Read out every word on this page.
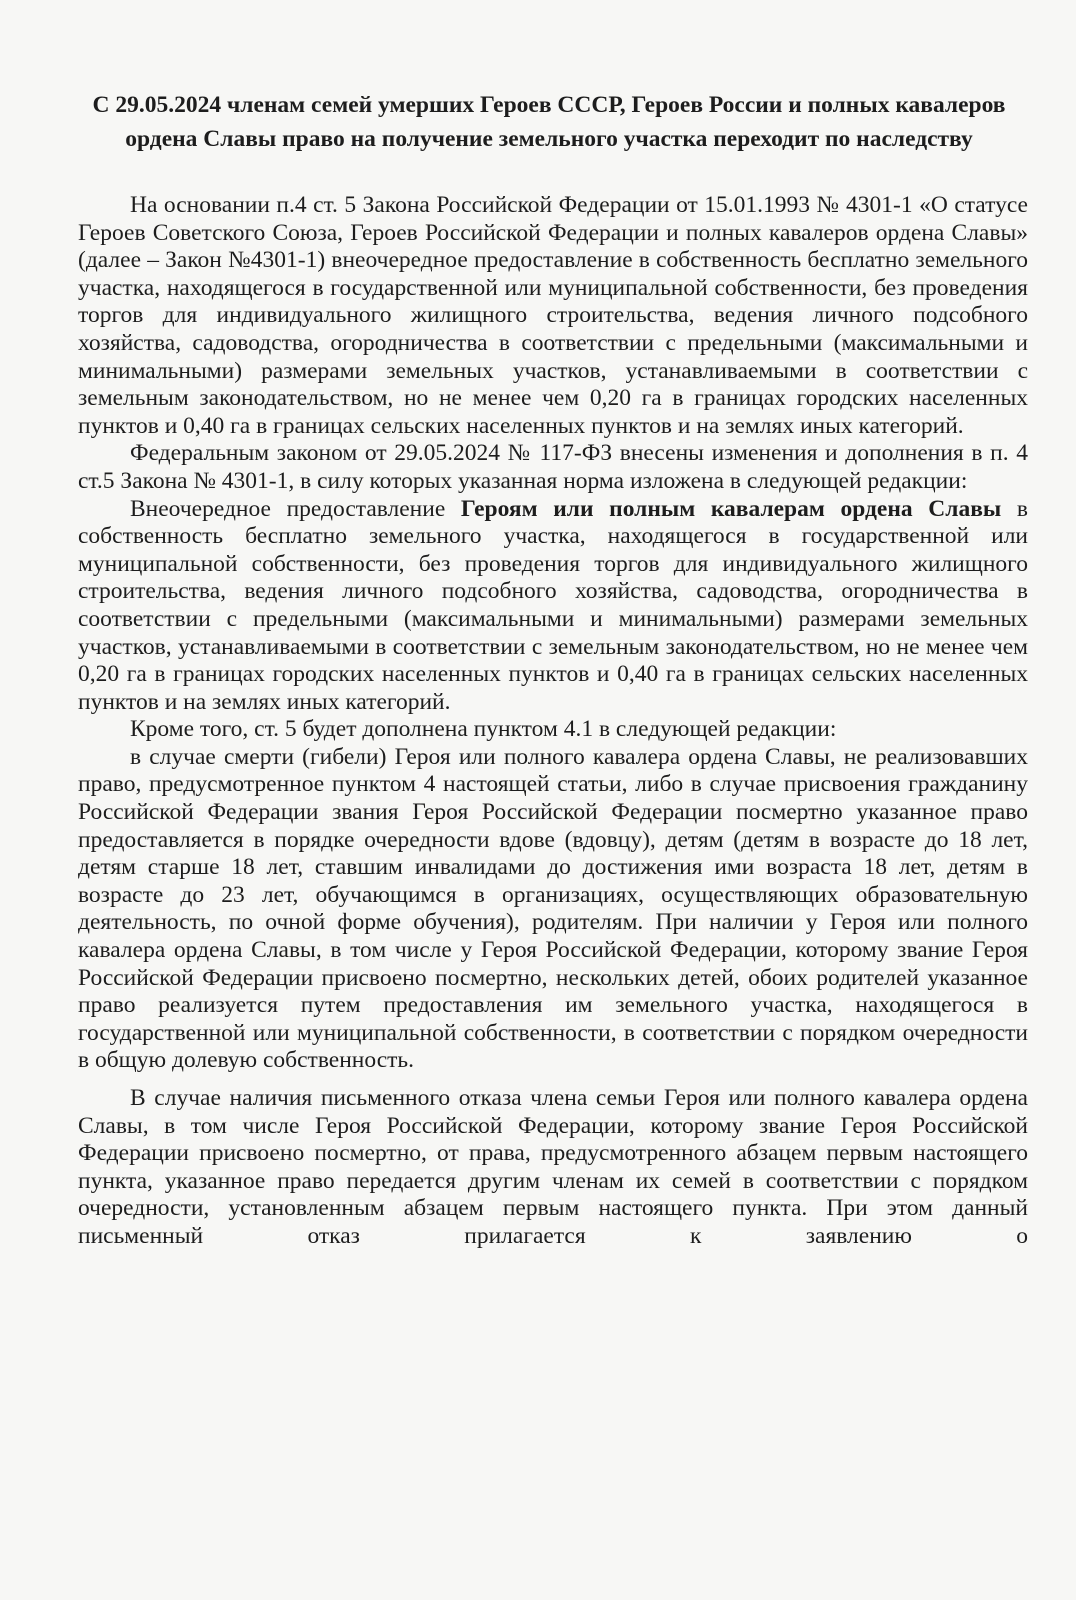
С 29.05.2024 членам семей умерших Героев СССР, Героев России и полных кавалеров ордена Славы право на получение земельного участка переходит по наследству

На основании п.4 ст. 5 Закона Российской Федерации от 15.01.1993 № 4301-1 «О статусе Героев Советского Союза, Героев Российской Федерации и полных кавалеров ордена Славы» (далее – Закон №4301-1) внеочередное предоставление в собственность бесплатно земельного участка, находящегося в государственной или муниципальной собственности, без проведения торгов для индивидуального жилищного строительства, ведения личного подсобного хозяйства, садоводства, огородничества в соответствии с предельными (максимальными и минимальными) размерами земельных участков, устанавливаемыми в соответствии с земельным законодательством, но не менее чем 0,20 га в границах городских населенных пунктов и 0,40 га в границах сельских населенных пунктов и на землях иных категорий.

Федеральным законом от 29.05.2024 № 117-ФЗ внесены изменения и дополнения в п. 4 ст.5 Закона № 4301-1, в силу которых указанная норма изложена в следующей редакции:

Внеочередное предоставление Героям или полным кавалерам ордена Славы в собственность бесплатно земельного участка, находящегося в государственной или муниципальной собственности, без проведения торгов для индивидуального жилищного строительства, ведения личного подсобного хозяйства, садоводства, огородничества в соответствии с предельными (максимальными и минимальными) размерами земельных участков, устанавливаемыми в соответствии с земельным законодательством, но не менее чем 0,20 га в границах городских населенных пунктов и 0,40 га в границах сельских населенных пунктов и на землях иных категорий.

Кроме того, ст. 5 будет дополнена пунктом 4.1 в следующей редакции:

в случае смерти (гибели) Героя или полного кавалера ордена Славы, не реализовавших право, предусмотренное пунктом 4 настоящей статьи, либо в случае присвоения гражданину Российской Федерации звания Героя Российской Федерации посмертно указанное право предоставляется в порядке очередности вдове (вдовцу), детям (детям в возрасте до 18 лет, детям старше 18 лет, ставшим инвалидами до достижения ими возраста 18 лет, детям в возрасте до 23 лет, обучающимся в организациях, осуществляющих образовательную деятельность, по очной форме обучения), родителям. При наличии у Героя или полного кавалера ордена Славы, в том числе у Героя Российской Федерации, которому звание Героя Российской Федерации присвоено посмертно, нескольких детей, обоих родителей указанное право реализуется путем предоставления им земельного участка, находящегося в государственной или муниципальной собственности, в соответствии с порядком очередности в общую долевую собственность.

В случае наличия письменного отказа члена семьи Героя или полного кавалера ордена Славы, в том числе Героя Российской Федерации, которому звание Героя Российской Федерации присвоено посмертно, от права, предусмотренного абзацем первым настоящего пункта, указанное право передается другим членам их семей в соответствии с порядком очередности, установленным абзацем первым настоящего пункта. При этом данный письменный отказ прилагается к заявлению о
